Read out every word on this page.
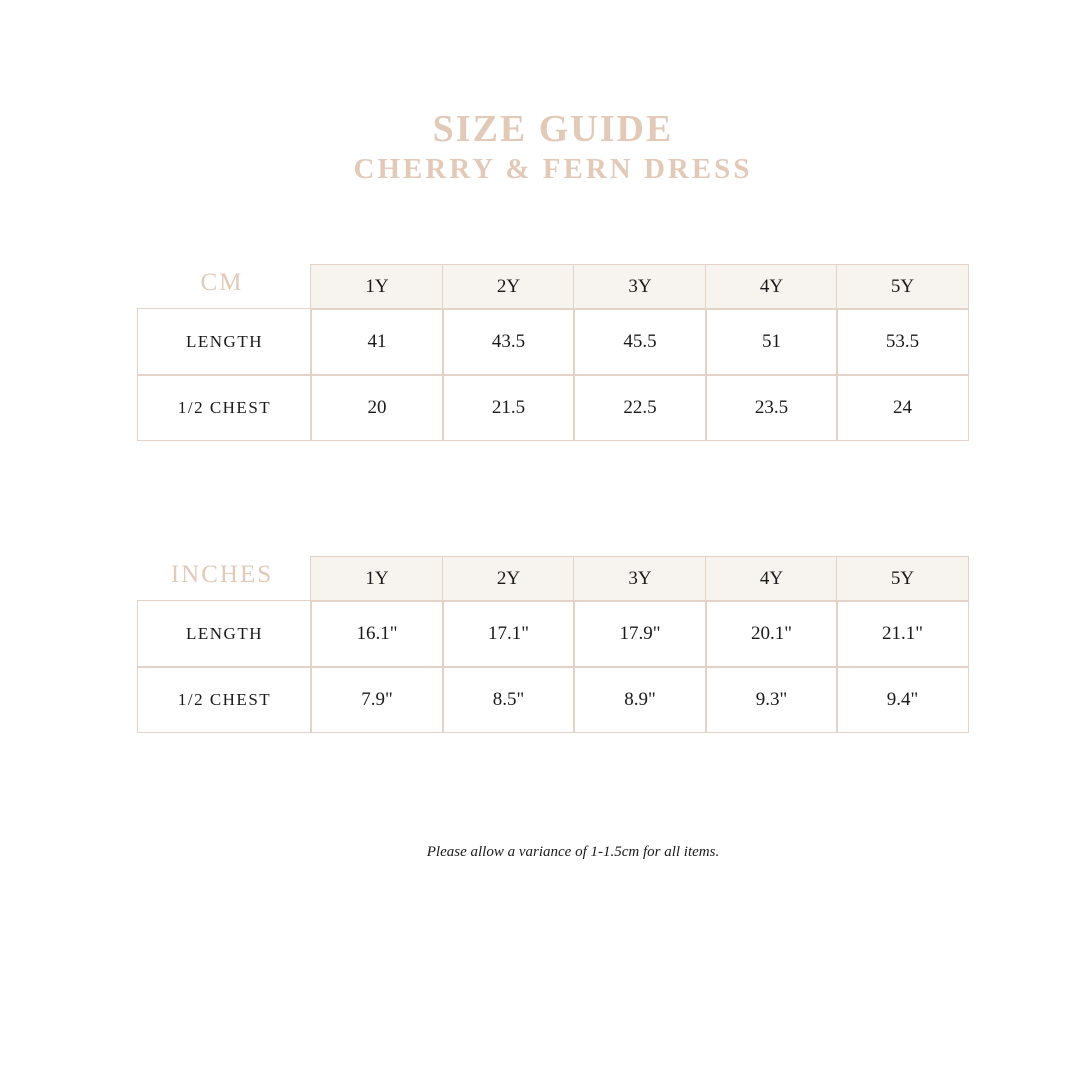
SIZE GUIDE
CHERRY & FERN DRESS
CM	1Y	2Y	3Y	4Y	5Y
LENGTH	41	43.5	45.5	51	53.5
1/2 CHEST	20	21.5	22.5	23.5	24
INCHES	1Y	2Y	3Y	4Y	5Y
LENGTH	16.1"	17.1"	17.9"	20.1"	21.1"
1/2 CHEST	7.9"	8.5"	8.9"	9.3"	9.4"

Please allow a variance of 1-1.5cm for all items.
